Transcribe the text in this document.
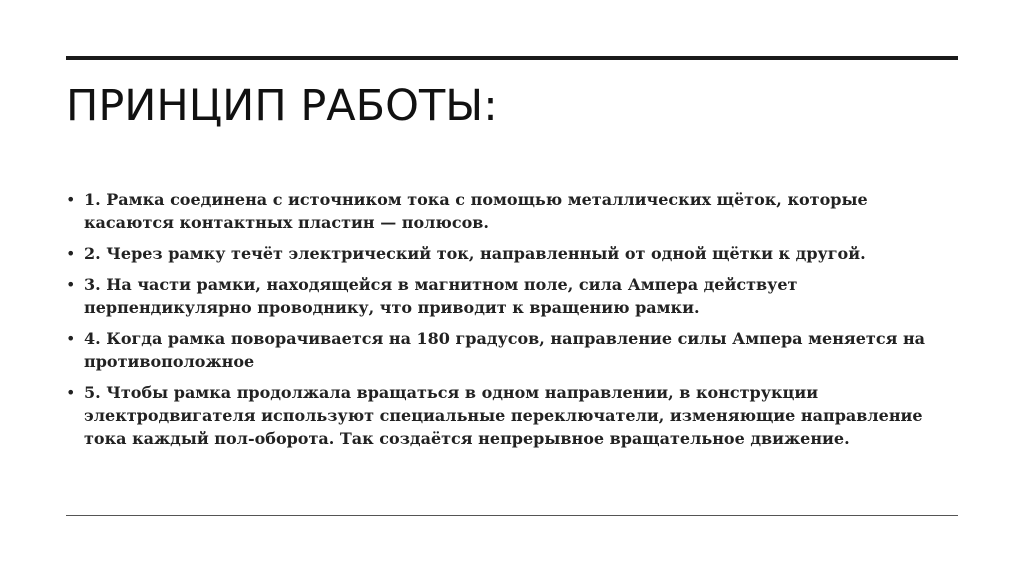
ПРИНЦИП РАБОТЫ:
• 1. Рамка соединена с источником тока с помощью металлических щёток, которые касаются контактных пластин — полюсов.
• 2. Через рамку течёт электрический ток, направленный от одной щётки к другой.
• 3. На части рамки, находящейся в магнитном поле, сила Ампера действует перпендикулярно проводнику, что приводит к вращению рамки.
• 4. Когда рамка поворачивается на 180 градусов, направление силы Ампера меняется на противоположное
• 5. Чтобы рамка продолжала вращаться в одном направлении, в конструкции электродвигателя используют специальные переключатели, изменяющие направление тока каждый пол-оборота. Так создаётся непрерывное вращательное движение.
